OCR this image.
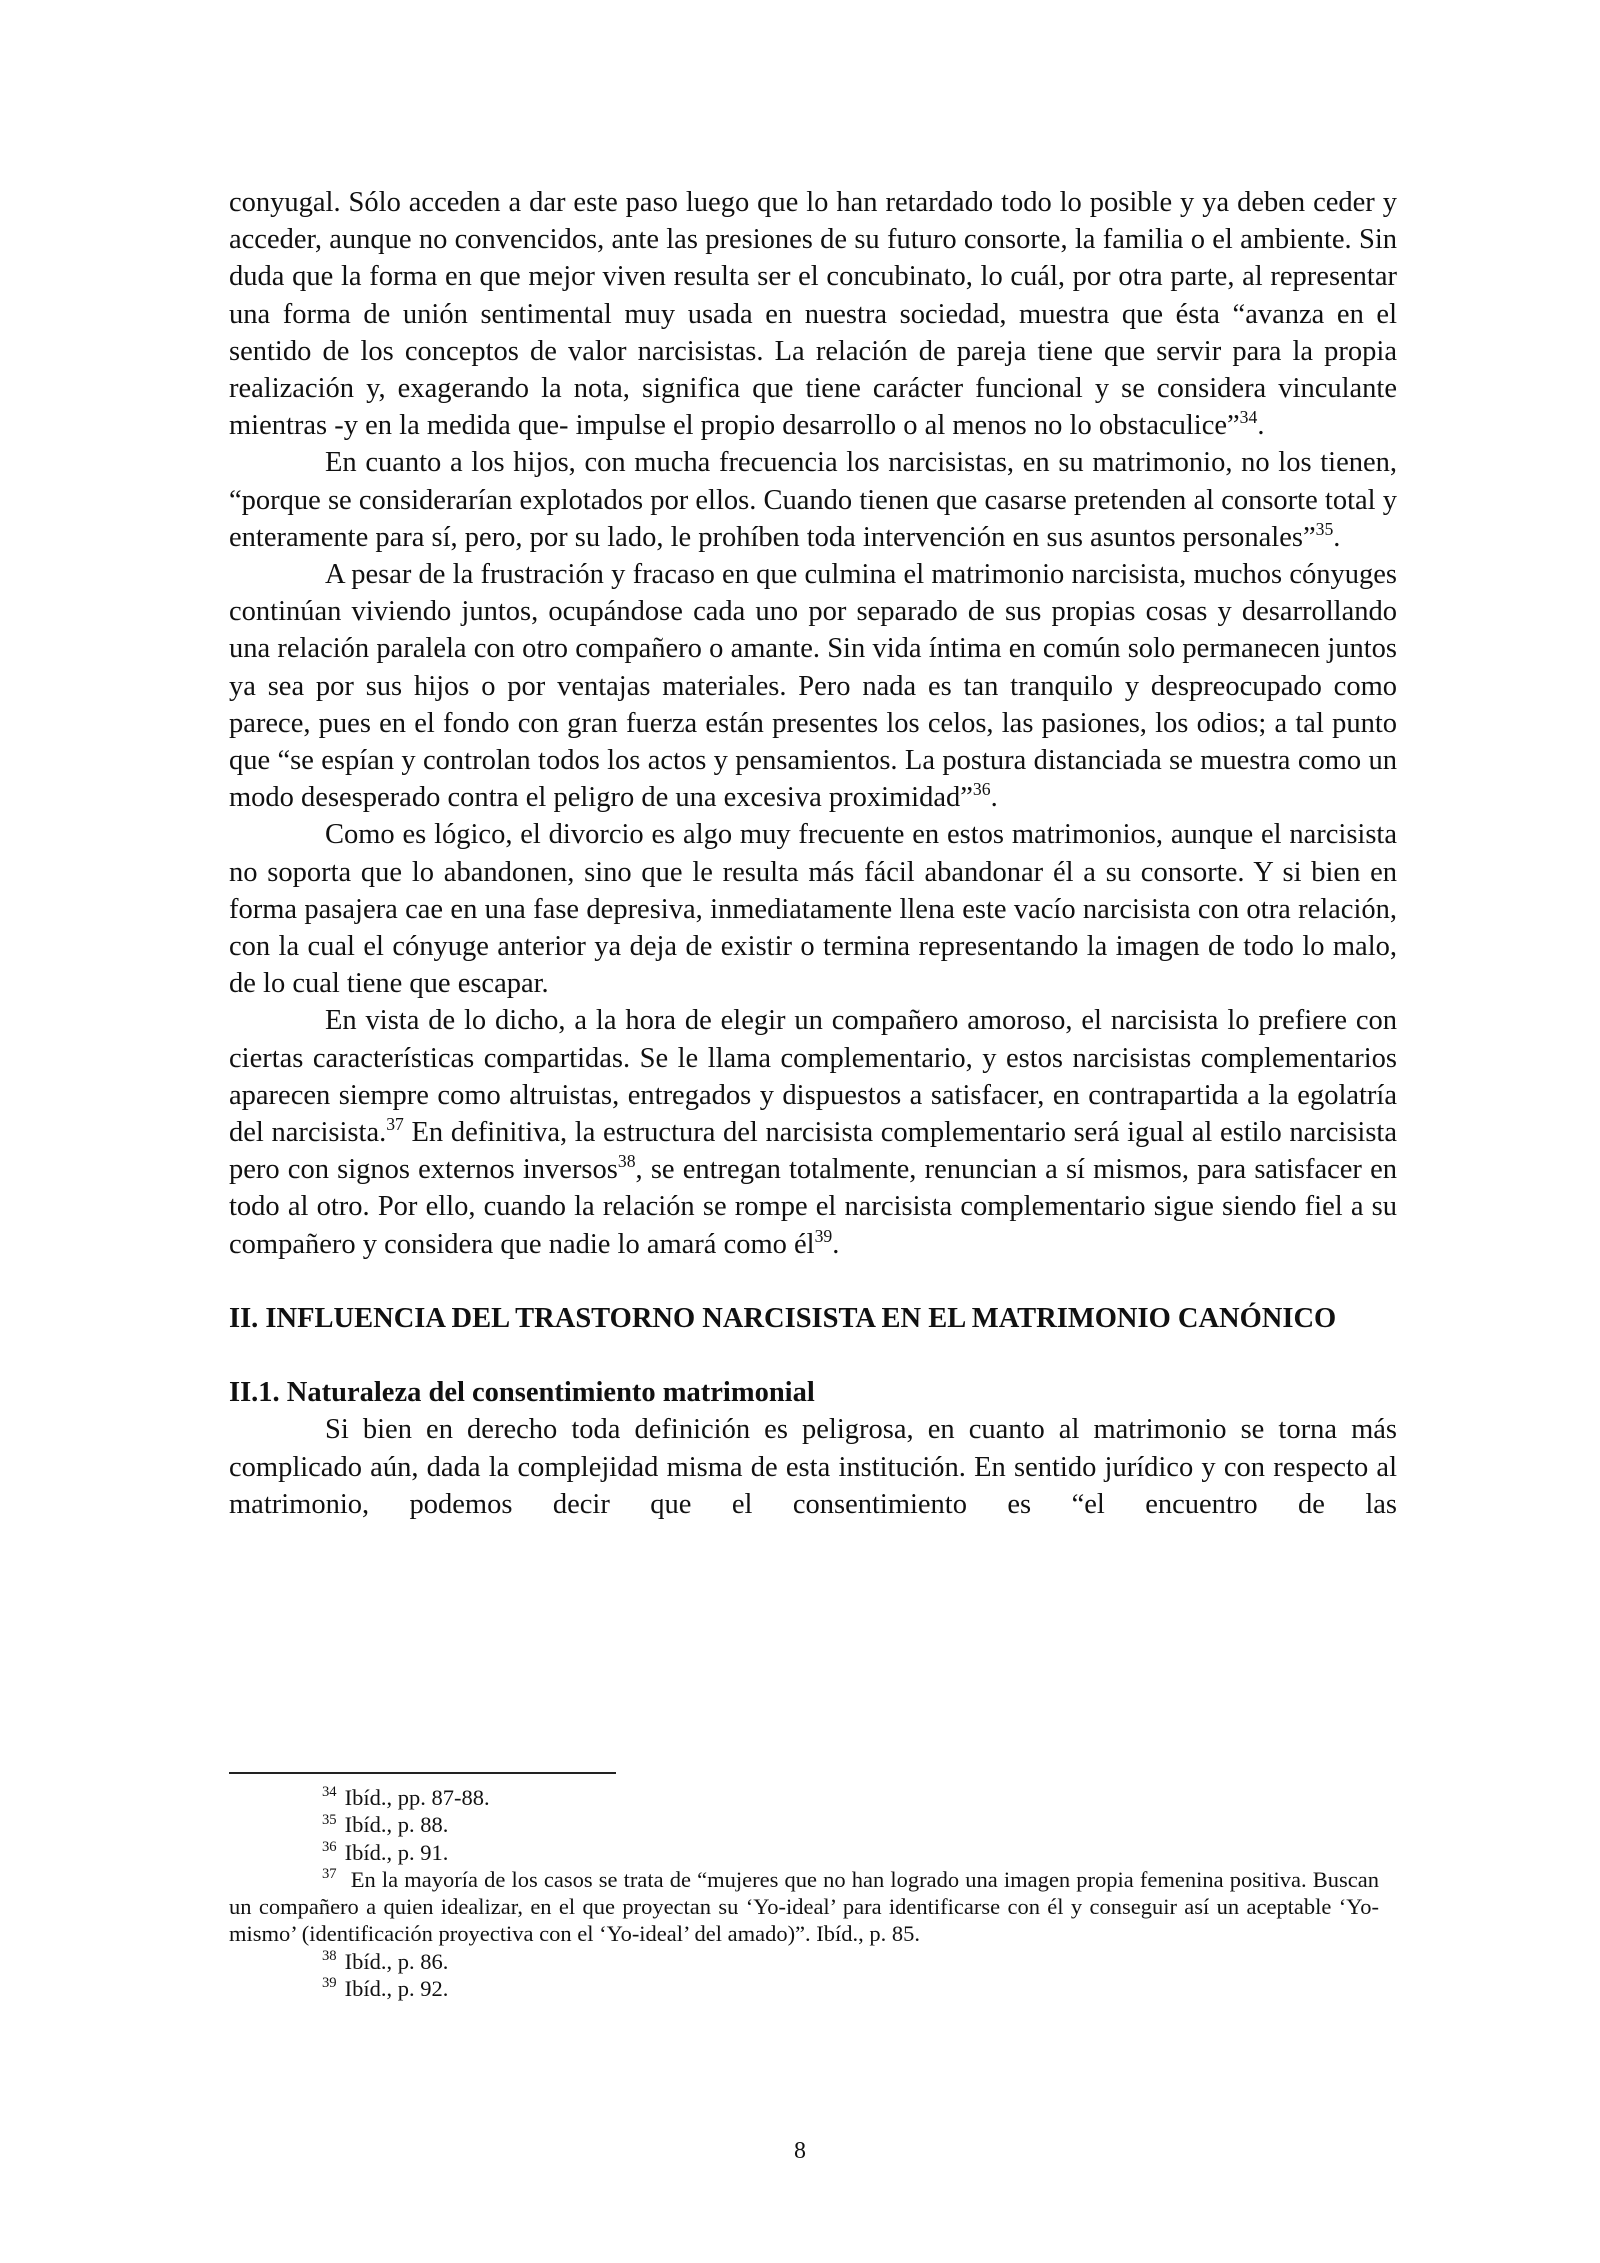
conyugal. Sólo acceden a dar este paso luego que lo han retardado todo lo posible y ya deben ceder y acceder, aunque no convencidos, ante las presiones de su futuro consorte, la familia o el ambiente. Sin duda que la forma en que mejor viven resulta ser el concubinato, lo cuál, por otra parte, al representar una forma de unión sentimental muy usada en nuestra sociedad, muestra que ésta “avanza en el sentido de los conceptos de valor narcisistas. La relación de pareja tiene que servir para la propia realización y, exagerando la nota, significa que tiene carácter funcional y se considera vinculante mientras -y en la medida que- impulse el propio desarrollo o al menos no lo obstaculice”$^{34}$.

En cuanto a los hijos, con mucha frecuencia los narcisistas, en su matrimonio, no los tienen, “porque se considerarían explotados por ellos. Cuando tienen que casarse pretenden al consorte total y enteramente para sí, pero, por su lado, le prohíben toda intervención en sus asuntos personales”$^{35}$.

A pesar de la frustración y fracaso en que culmina el matrimonio narcisista, muchos cónyuges continúan viviendo juntos, ocupándose cada uno por separado de sus propias cosas y desarrollando una relación paralela con otro compañero o amante. Sin vida íntima en común solo permanecen juntos ya sea por sus hijos o por ventajas materiales. Pero nada es tan tranquilo y despreocupado como parece, pues en el fondo con gran fuerza están presentes los celos, las pasiones, los odios; a tal punto que “se espían y controlan todos los actos y pensamientos. La postura distanciada se muestra como un modo desesperado contra el peligro de una excesiva proximidad”$^{36}$.

Como es lógico, el divorcio es algo muy frecuente en estos matrimonios, aunque el narcisista no soporta que lo abandonen, sino que le resulta más fácil abandonar él a su consorte. Y si bien en forma pasajera cae en una fase depresiva, inmediatamente llena este vacío narcisista con otra relación, con la cual el cónyuge anterior ya deja de existir o termina representando la imagen de todo lo malo, de lo cual tiene que escapar.

En vista de lo dicho, a la hora de elegir un compañero amoroso, el narcisista lo prefiere con ciertas características compartidas. Se le llama complementario, y estos narcisistas complementarios aparecen siempre como altruistas, entregados y dispuestos a satisfacer, en contrapartida a la egolatría del narcisista.$^{37}$ En definitiva, la estructura del narcisista complementario será igual al estilo narcisista pero con signos externos inversos$^{38}$, se entregan totalmente, renuncian a sí mismos, para satisfacer en todo al otro. Por ello, cuando la relación se rompe el narcisista complementario sigue siendo fiel a su compañero y considera que nadie lo amará como $él^{39}$.

II. INFLUENCIA DEL TRASTORNO NARCISISTA EN EL MATRIMONIO CANÓNICO
II.1. Naturaleza del consentimiento matrimonial

Si bien en derecho toda definición es peligrosa, en cuanto al matrimonio se torna más complicado aún, dada la complejidad misma de esta institución. En sentido jurídico y con respecto al matrimonio, podemos decir que el consentimiento es “el encuentro de las

$^{34}$ Ibíd., pp. 87-88.

$^{35}$ Ibíd., p. 88.

$^{36}$ Ibíd., p. 91.

$^{37}$ En la mayoría de los casos se trata de “mujeres que no han logrado una imagen propia femenina positiva. Buscan un compañero a quien idealizar, en el que proyectan su ‘Yo-ideal’ para identificarse con él y conseguir así un aceptable ‘Yo-mismo’ (identificación proyectiva con el ‘Yo-ideal’ del amado)”. Ibíd., p. 85.

$^{38}$ Ibíd., p. 86.

$^{39}$ Ibíd., p. 92.

8
